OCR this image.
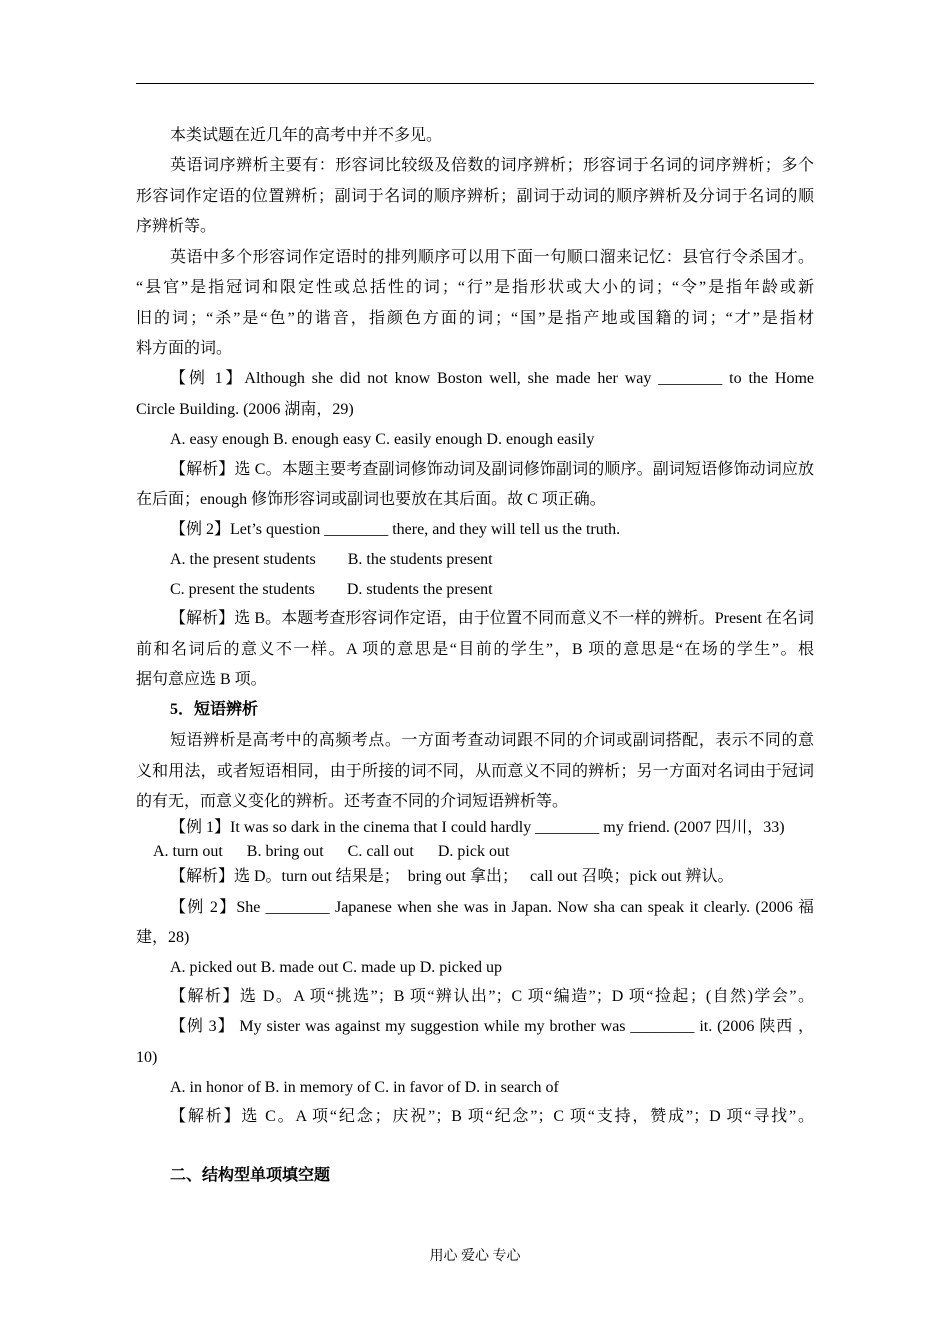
本类试题在近几年的高考中并不多见。
英语词序辨析主要有：形容词比较级及倍数的词序辨析；形容词于名词的词序辨析；多个
形容词作定语的位置辨析；副词于名词的顺序辨析；副词于动词的顺序辨析及分词于名词的顺
序辨析等。
英语中多个形容词作定语时的排列顺序可以用下面一句顺口溜来记忆：县官行令杀国才。
“县官”是指冠词和限定性或总括性的词；“行”是指形状或大小的词；“令”是指年龄或新
旧的词；“杀”是“色”的谐音，指颜色方面的词；“国”是指产地或国籍的词；“才”是指材
料方面的词。
【例 1】Although she did not know Boston well, she made her way ________ to the Home
Circle Building. (2006 湖南，29)
A. easy enough B. enough easy C. easily enough D. enough easily
【解析】选 C。本题主要考查副词修饰动词及副词修饰副词的顺序。副词短语修饰动词应放
在后面；enough 修饰形容词或副词也要放在其后面。故 C 项正确。
【例 2】Let’s question ________ there, and they will tell us the truth.
A. the present students        B. the students present
C. present the students        D. students the present
【解析】选 B。本题考查形容词作定语，由于位置不同而意义不一样的辨析。Present 在名词
前和名词后的意义不一样。A 项的意思是“目前的学生”，B 项的意思是“在场的学生”。根
据句意应选 B 项。
5．短语辨析
短语辨析是高考中的高频考点。一方面考查动词跟不同的介词或副词搭配，表示不同的意
义和用法，或者短语相同，由于所接的词不同，从而意义不同的辨析；另一方面对名词由于冠词
的有无，而意义变化的辨析。还考查不同的介词短语辨析等。
【例 1】It was so dark in the cinema that I could hardly ________ my friend. (2007 四川，33)
A. turn out      B. bring out      C. call out      D. pick out
【解析】选 D。turn out 结果是；  bring out 拿出；   call out 召唤；pick out 辨认。
【例 2】She ________ Japanese when she was in Japan. Now sha can speak it clearly. (2006 福
建，28)
A. picked out B. made out C. made up D. picked up
【解析】选 D。A 项“挑选”；B 项“辨认出”；C 项“编造”；D 项“捡起；(自然)学会”。
【例 3】 My sister was against my suggestion while my brother was ________ it. (2006 陕西 ，
10)
A. in honor of B. in memory of C. in favor of D. in search of
【解析】选 C。A 项“纪念；庆祝”；B 项“纪念”；C 项“支持，赞成”；D 项“寻找”。
二、结构型单项填空题
用心 爱心 专心
